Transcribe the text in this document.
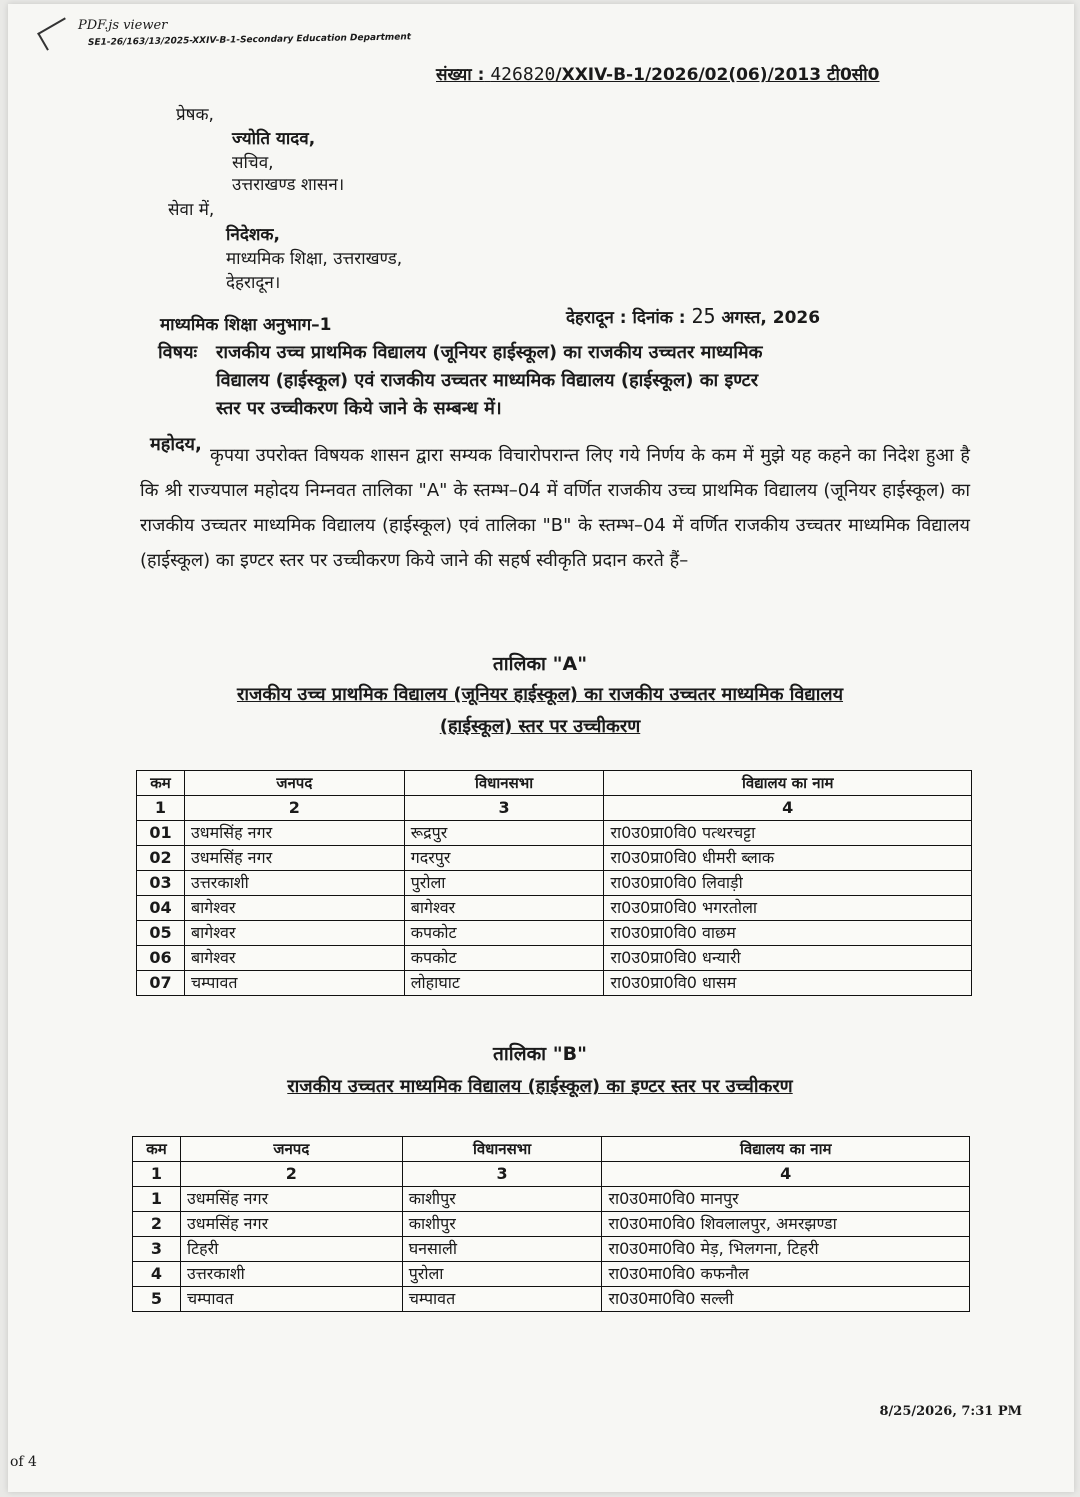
PDF.js viewer
SE1-26/163/13/2025-XXIV-B-1-Secondary Education Department
संख्या : 426820/XXIV-B-1/2026/02(06)/2013 टी0सी0
प्रेषक,
ज्योति यादव,
सचिव,
उत्तराखण्ड शासन।
सेवा में,
निदेशक,
माध्यमिक शिक्षा, उत्तराखण्ड,
देहरादून।
माध्यमिक शिक्षा अनुभाग–1	देहरादून : दिनांक : 25 अगस्त, 2026
विषयः राजकीय उच्च प्राथमिक विद्यालय (जूनियर हाईस्कूल) का राजकीय उच्चतर माध्यमिक
विद्यालय (हाईस्कूल) एवं राजकीय उच्चतर माध्यमिक विद्यालय (हाईस्कूल) का इण्टर
स्तर पर उच्चीकरण किये जाने के सम्बन्ध में।
महोदय,
कृपया उपरोक्त विषयक शासन द्वारा सम्यक विचारोपरान्त लिए गये निर्णय के कम में मुझे यह कहने का निदेश हुआ है कि श्री राज्यपाल महोदय निम्नवत तालिका "A" के स्तम्भ–04 में वर्णित राजकीय उच्च प्राथमिक विद्यालय (जूनियर हाईस्कूल) का राजकीय उच्चतर माध्यमिक विद्यालय (हाईस्कूल) एवं तालिका "B" के स्तम्भ–04 में वर्णित राजकीय उच्चतर माध्यमिक विद्यालय (हाईस्कूल) का इण्टर स्तर पर उच्चीकरण किये जाने की सहर्ष स्वीकृति प्रदान करते हैं–
तालिका "A"
राजकीय उच्च प्राथमिक विद्यालय (जूनियर हाईस्कूल) का राजकीय उच्चतर माध्यमिक विद्यालय
(हाईस्कूल) स्तर पर उच्चीकरण
कम	जनपद	विधानसभा	विद्यालय का नाम
1	2	3	4
01	उधमसिंह नगर	रूद्रपुर	रा0उ0प्रा0वि0 पत्थरचट्टा
02	उधमसिंह नगर	गदरपुर	रा0उ0प्रा0वि0 धीमरी ब्लाक
03	उत्तरकाशी	पुरोला	रा0उ0प्रा0वि0 लिवाड़ी
04	बागेश्वर	बागेश्वर	रा0उ0प्रा0वि0 भगरतोला
05	बागेश्वर	कपकोट	रा0उ0प्रा0वि0 वाछम
06	बागेश्वर	कपकोट	रा0उ0प्रा0वि0 धन्यारी
07	चम्पावत	लोहाघाट	रा0उ0प्रा0वि0 धासम
तालिका "B"
राजकीय उच्चतर माध्यमिक विद्यालय (हाईस्कूल) का इण्टर स्तर पर उच्चीकरण
कम	जनपद	विधानसभा	विद्यालय का नाम
1	2	3	4
1	उधमसिंह नगर	काशीपुर	रा0उ0मा0वि0 मानपुर
2	उधमसिंह नगर	काशीपुर	रा0उ0मा0वि0 शिवलालपुर, अमरझण्डा
3	टिहरी	घनसाली	रा0उ0मा0वि0 मेड़, भिलगना, टिहरी
4	उत्तरकाशी	पुरोला	रा0उ0मा0वि0 कफनौल
5	चम्पावत	चम्पावत	रा0उ0मा0वि0 सल्ली
8/25/2026, 7:31 PM
of 4
